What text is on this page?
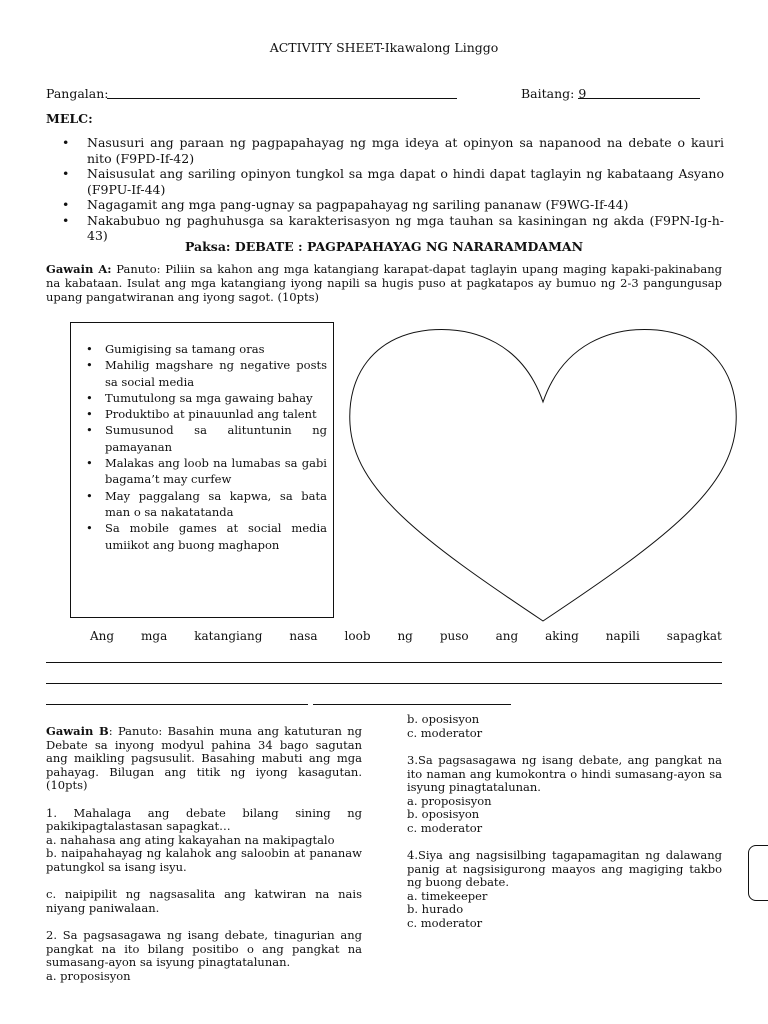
ACTIVITY SHEET-Ikawalong Linggo
Pangalan:	Baitang: 9
MELC:
• Nasusuri ang paraan ng pagpapahayag ng mga ideya at opinyon sa napanood na debate o kauri nito (F9PD-If-42)
• Naisusulat ang sariling opinyon tungkol sa mga dapat o hindi dapat taglayin ng kabataang Asyano (F9PU-If-44)
• Nagagamit ang mga pang-ugnay sa pagpapahayag ng sariling pananaw (F9WG-If-44)
• Nakabubuo ng paghuhusga sa karakterisasyon ng mga tauhan sa kasiningan ng akda (F9PN-Ig-h-43)
Paksa: DEBATE : PAGPAPAHAYAG NG NARARAMDAMAN
Gawain A: Panuto: Piliin sa kahon ang mga katangiang karapat-dapat taglayin upang maging kapaki-pakinabang na kabataan. Isulat ang mga katangiang iyong napili sa hugis puso at pagkatapos ay bumuo ng 2-3 pangungusap upang pangatwiranan ang iyong sagot. (10pts)
• Gumigising sa tamang oras
• Mahilig magshare ng negative posts sa social media
• Tumutulong sa mga gawaing bahay
• Produktibo at pinauunlad ang talent
• Sumusunod sa alituntunin ng pamayanan
• Malakas ang loob na lumabas sa gabi bagama’t may curfew
• May paggalang sa kapwa, sa bata man o sa nakatatanda
• Sa mobile games at social media umiikot ang buong maghapon
Ang mga katangiang nasa loob ng puso ang aking napili sapagkat

Gawain B: Panuto: Basahin muna ang katuturan ng Debate sa inyong modyul pahina 34 bago sagutan ang maikling pagsusulit. Basahing mabuti ang mga pahayag. Bilugan ang titik ng iyong kasagutan. (10pts)

1. Mahalaga ang debate bilang sining ng pakikipagtalastasan sapagkat…

a. nahahasa ang ating kakayahan na makipagtalo

b. naipahahayag ng kalahok ang saloobin at pananaw patungkol sa isang isyu.

c. naipipilit ng nagsasalita ang katwiran na nais niyang paniwalaan.

2. Sa pagsasagawa ng isang debate, tinagurian ang pangkat na ito bilang positibo o ang pangkat na sumasang-ayon sa isyung pinagtatalunan.

a. proposisyon

b. oposisyon

c. moderator

3.Sa pagsasagawa ng isang debate, ang pangkat na ito naman ang kumokontra o hindi sumasang-ayon sa isyung pinagtatalunan.

a. proposisyon

b. oposisyon

c. moderator

4.Siya ang nagsisilbing tagapamagitan ng dalawang panig at nagsisigurong maayos ang magiging takbo ng buong debate.

a. timekeeper

b. hurado

c. moderator
